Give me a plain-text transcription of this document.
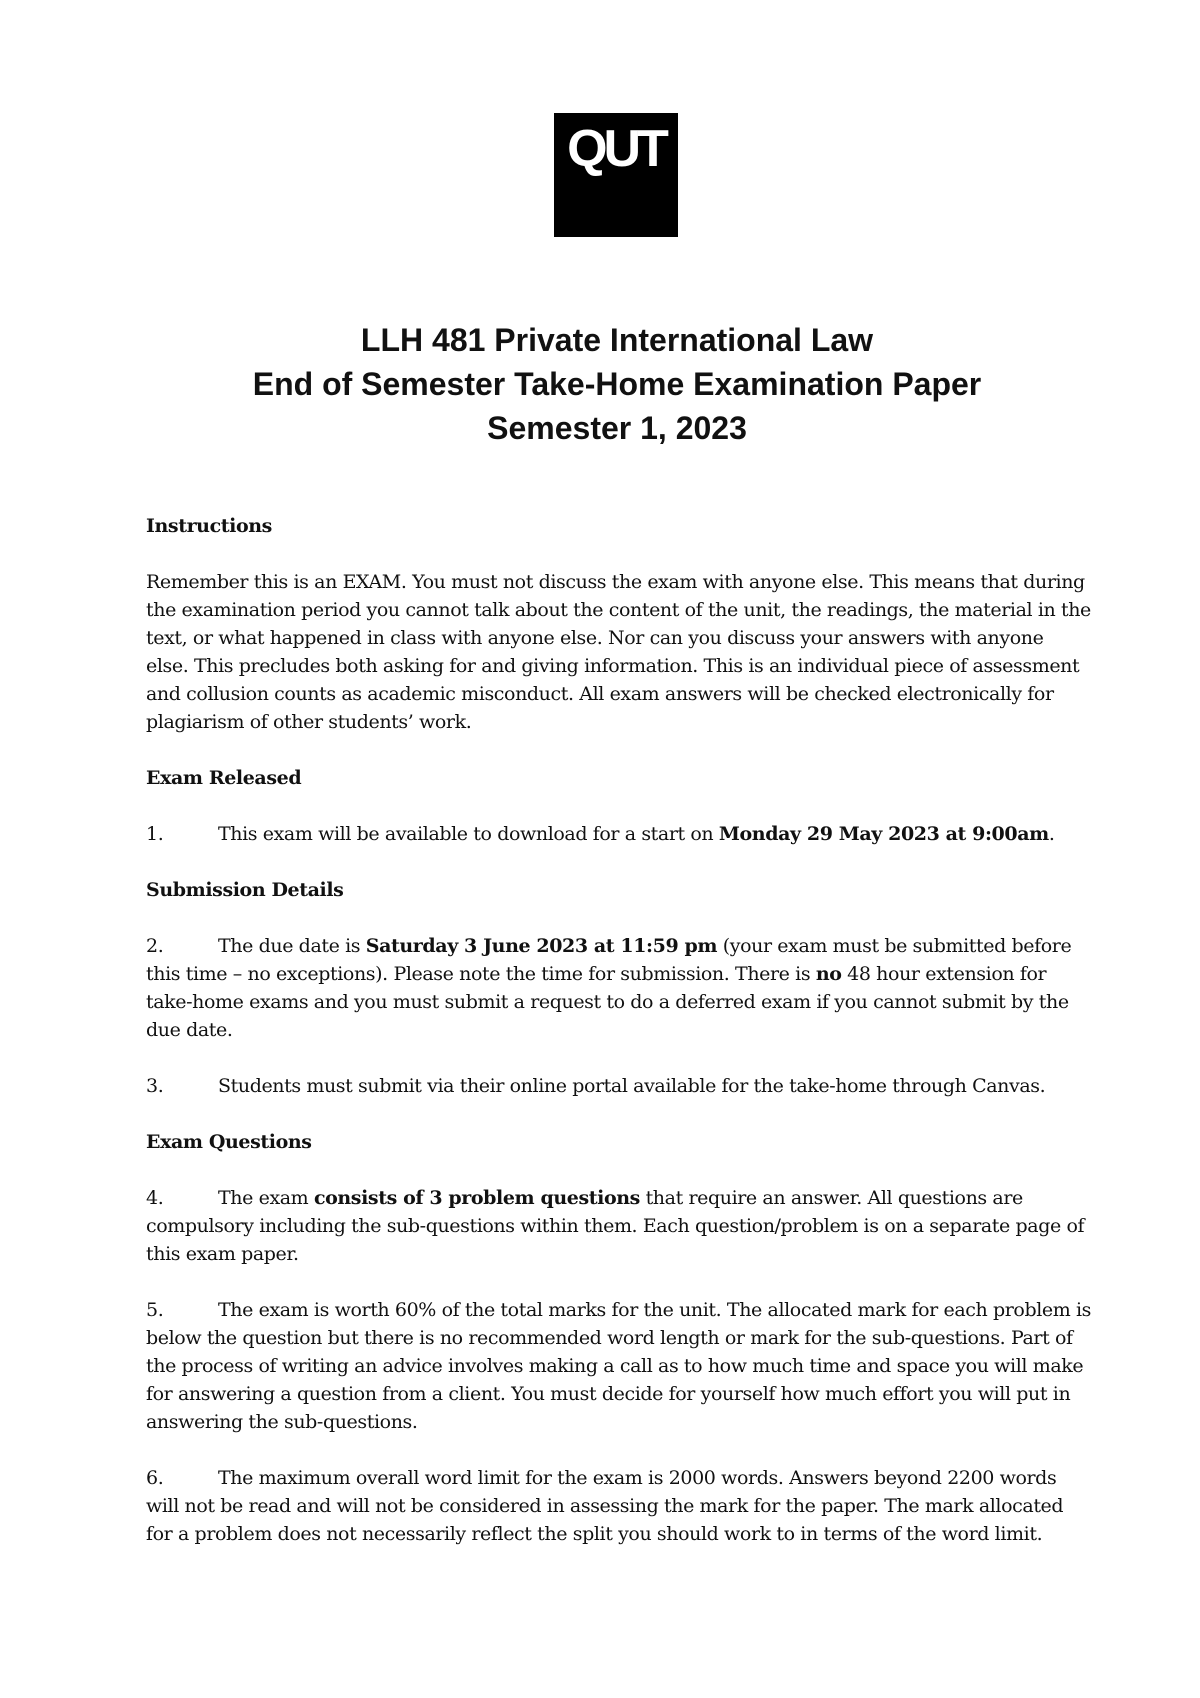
QUT
LLH 481 Private International Law
End of Semester Take-Home Examination Paper
Semester 1, 2023
Instructions
Remember this is an EXAM. You must not discuss the exam with anyone else. This means that during the examination period you cannot talk about the content of the unit, the readings, the material in the text, or what happened in class with anyone else. Nor can you discuss your answers with anyone else. This precludes both asking for and giving information. This is an individual piece of assessment and collusion counts as academic misconduct. All exam answers will be checked electronically for plagiarism of other students’ work.
Exam Released
1.	This exam will be available to download for a start on Monday 29 May 2023 at 9:00am.
Submission Details
2.	The due date is Saturday 3 June 2023 at 11:59 pm (your exam must be submitted before this time – no exceptions). Please note the time for submission. There is no 48 hour extension for take-home exams and you must submit a request to do a deferred exam if you cannot submit by the due date.
3.	Students must submit via their online portal available for the take-home through Canvas.
Exam Questions
4.	The exam consists of 3 problem questions that require an answer. All questions are compulsory including the sub-questions within them. Each question/problem is on a separate page of this exam paper.
5.	The exam is worth 60% of the total marks for the unit. The allocated mark for each problem is below the question but there is no recommended word length or mark for the sub-questions. Part of the process of writing an advice involves making a call as to how much time and space you will make for answering a question from a client. You must decide for yourself how much effort you will put in answering the sub-questions.
6.	The maximum overall word limit for the exam is 2000 words. Answers beyond 2200 words will not be read and will not be considered in assessing the mark for the paper. The mark allocated for a problem does not necessarily reflect the split you should work to in terms of the word limit.
